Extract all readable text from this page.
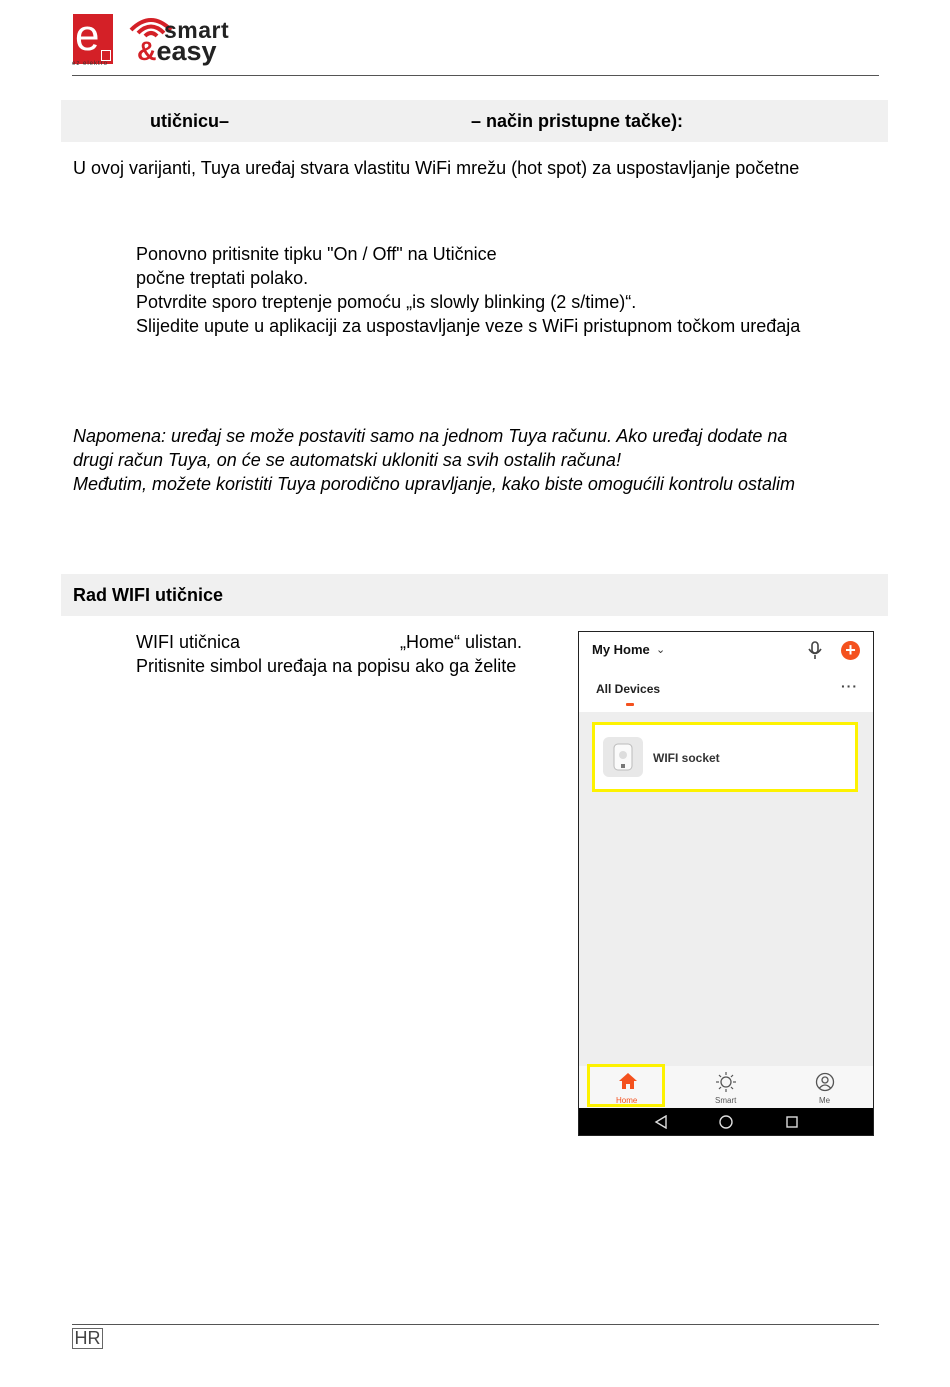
e
ez elektro
smart
&easy
utičnicu–	– način pristupne tačke):
U ovoj varijanti, Tuya uređaj stvara vlastitu WiFi mrežu (hot spot) za uspostavljanje početne
Ponovno pritisnite tipku "On / Off" na Utičnice
počne treptati polako.
Potvrdite sporo treptenje pomoću „is slowly blinking (2 s/time)“.
Slijedite upute u aplikaciji za uspostavljanje veze s WiFi pristupnom točkom uređaja
Napomena: uređaj se može postaviti samo na jednom Tuya računu. Ako uređaj dodate na
drugi račun Tuya, on će se automatski ukloniti sa svih ostalih računa!
Međutim, možete koristiti Tuya porodično upravljanje, kako biste omogućili kontrolu ostalim
Rad WIFI utičnice
WIFI utičnica	„Home“ ulistan.
Pritisnite simbol uređaja na popisu ako ga želite
My Home ⌄	+
All Devices	···
WIFI socket
Home	Smart	Me
HR
